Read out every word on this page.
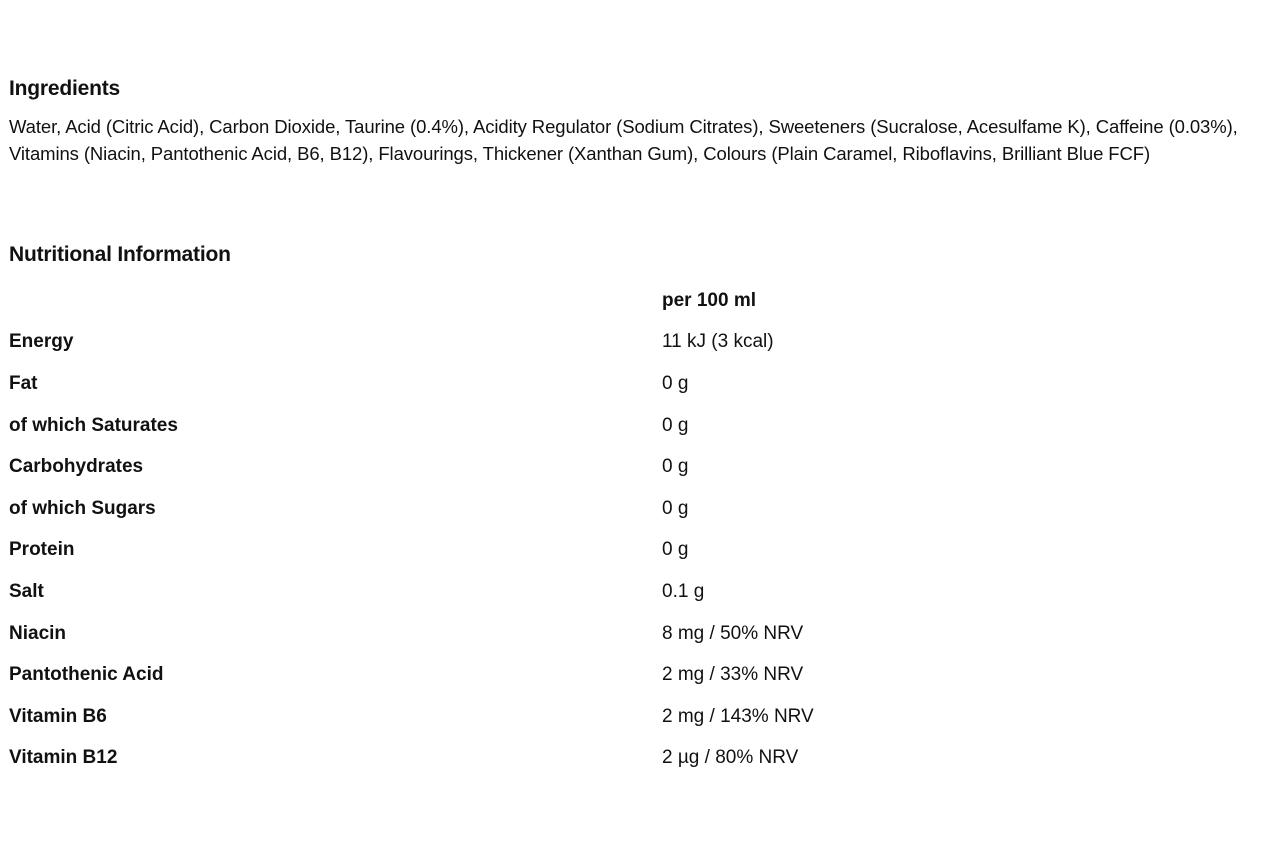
Ingredients
Water, Acid (Citric Acid), Carbon Dioxide, Taurine (0.4%), Acidity Regulator (Sodium Citrates), Sweeteners (Sucralose, Acesulfame K), Caffeine (0.03%), Vitamins (Niacin, Pantothenic Acid, B6, B12), Flavourings, Thickener (Xanthan Gum), Colours (Plain Caramel, Riboflavins, Brilliant Blue FCF)
Nutritional Information
	per 100 ml
Energy	11 kJ (3 kcal)
Fat	0 g
of which Saturates	0 g
Carbohydrates	0 g
of which Sugars	0 g
Protein	0 g
Salt	0.1 g
Niacin	8 mg / 50% NRV
Pantothenic Acid	2 mg / 33% NRV
Vitamin B6	2 mg / 143% NRV
Vitamin B12	2 µg / 80% NRV
